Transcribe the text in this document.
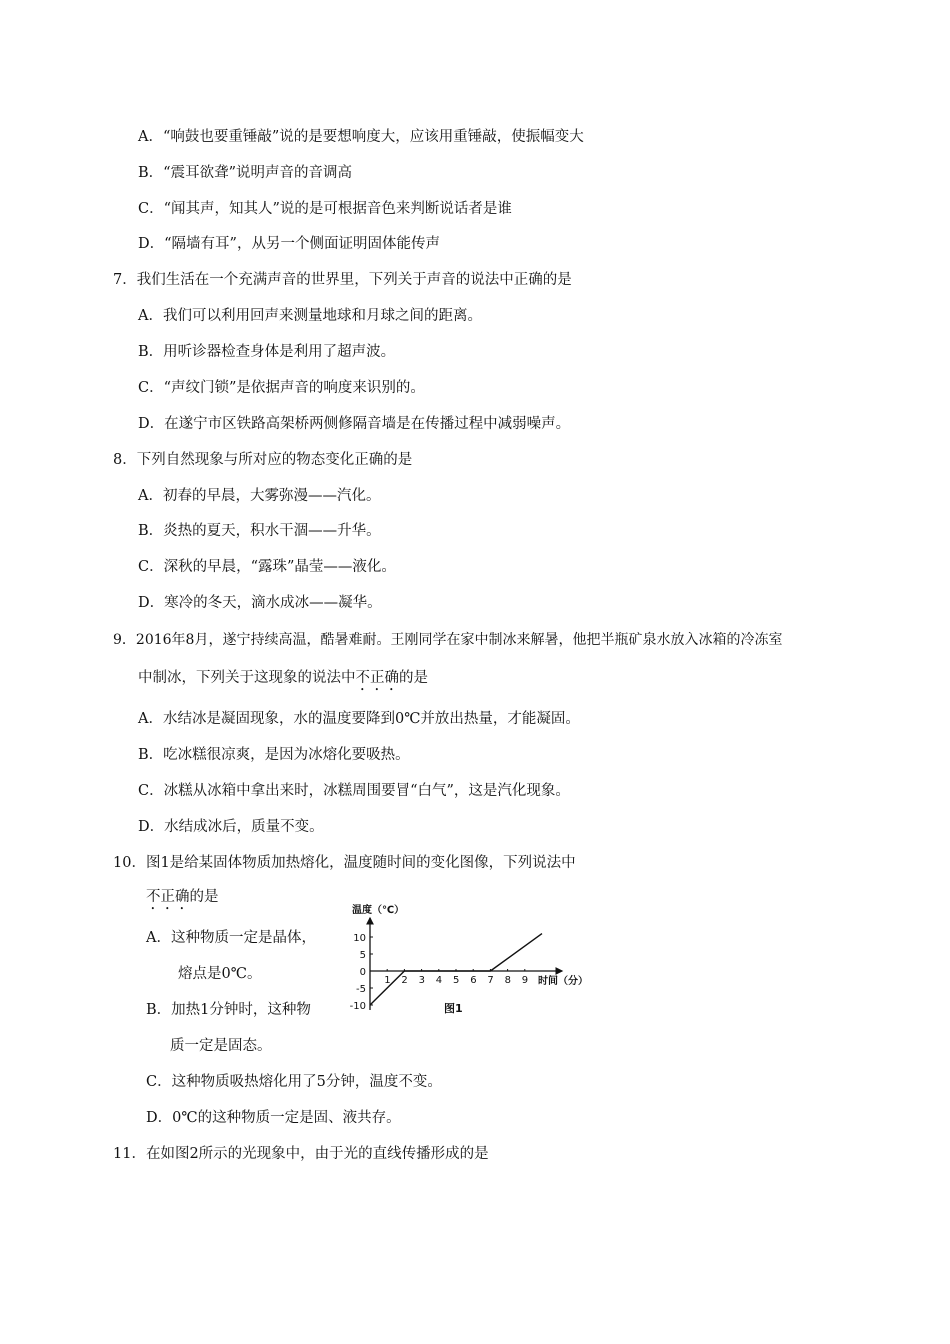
A．“响鼓也要重锤敲”说的是要想响度大，应该用重锤敲，使振幅变大
B．“震耳欲聋”说明声音的音调高
C．“闻其声，知其人”说的是可根据音色来判断说话者是谁
D．“隔墙有耳”，从另一个侧面证明固体能传声
7．我们生活在一个充满声音的世界里，下列关于声音的说法中正确的是
A．我们可以利用回声来测量地球和月球之间的距离。
B．用听诊器检查身体是利用了超声波。
C．“声纹门锁”是依据声音的响度来识别的。
D．在遂宁市区铁路高架桥两侧修隔音墙是在传播过程中减弱噪声。
8．下列自然现象与所对应的物态变化正确的是
A．初春的早晨，大雾弥漫——汽化。
B．炎热的夏天，积水干涸——升华。
C．深秋的早晨，“露珠”晶莹——液化。
D．寒冷的冬天，滴水成冰——凝华。
9．2016年8月，遂宁持续高温，酷暑难耐。王刚同学在家中制冰来解暑，他把半瓶矿泉水放入冰箱的冷冻室
中制冰，下列关于这现象的说法中不正确的是
A．水结冰是凝固现象，水的温度要降到0℃并放出热量，才能凝固。
B．吃冰糕很凉爽，是因为冰熔化要吸热。
C．冰糕从冰箱中拿出来时，冰糕周围要冒“白气”，这是汽化现象。
D．水结成冰后，质量不变。
10．图1是给某固体物质加热熔化，温度随时间的变化图像，下列说法中
不正确的是
A．这种物质一定是晶体，
熔点是0℃。
B．加热1分钟时，这种物
质一定是固态。
C．这种物质吸热熔化用了5分钟，温度不变。
D．0℃的这种物质一定是固、液共存。
11．在如图2所示的光现象中，由于光的直线传播形成的是
温度（℃）
时间（分）
1 2 3 4 5 6 7 8 9
10
5
0
-5
-10	图1
